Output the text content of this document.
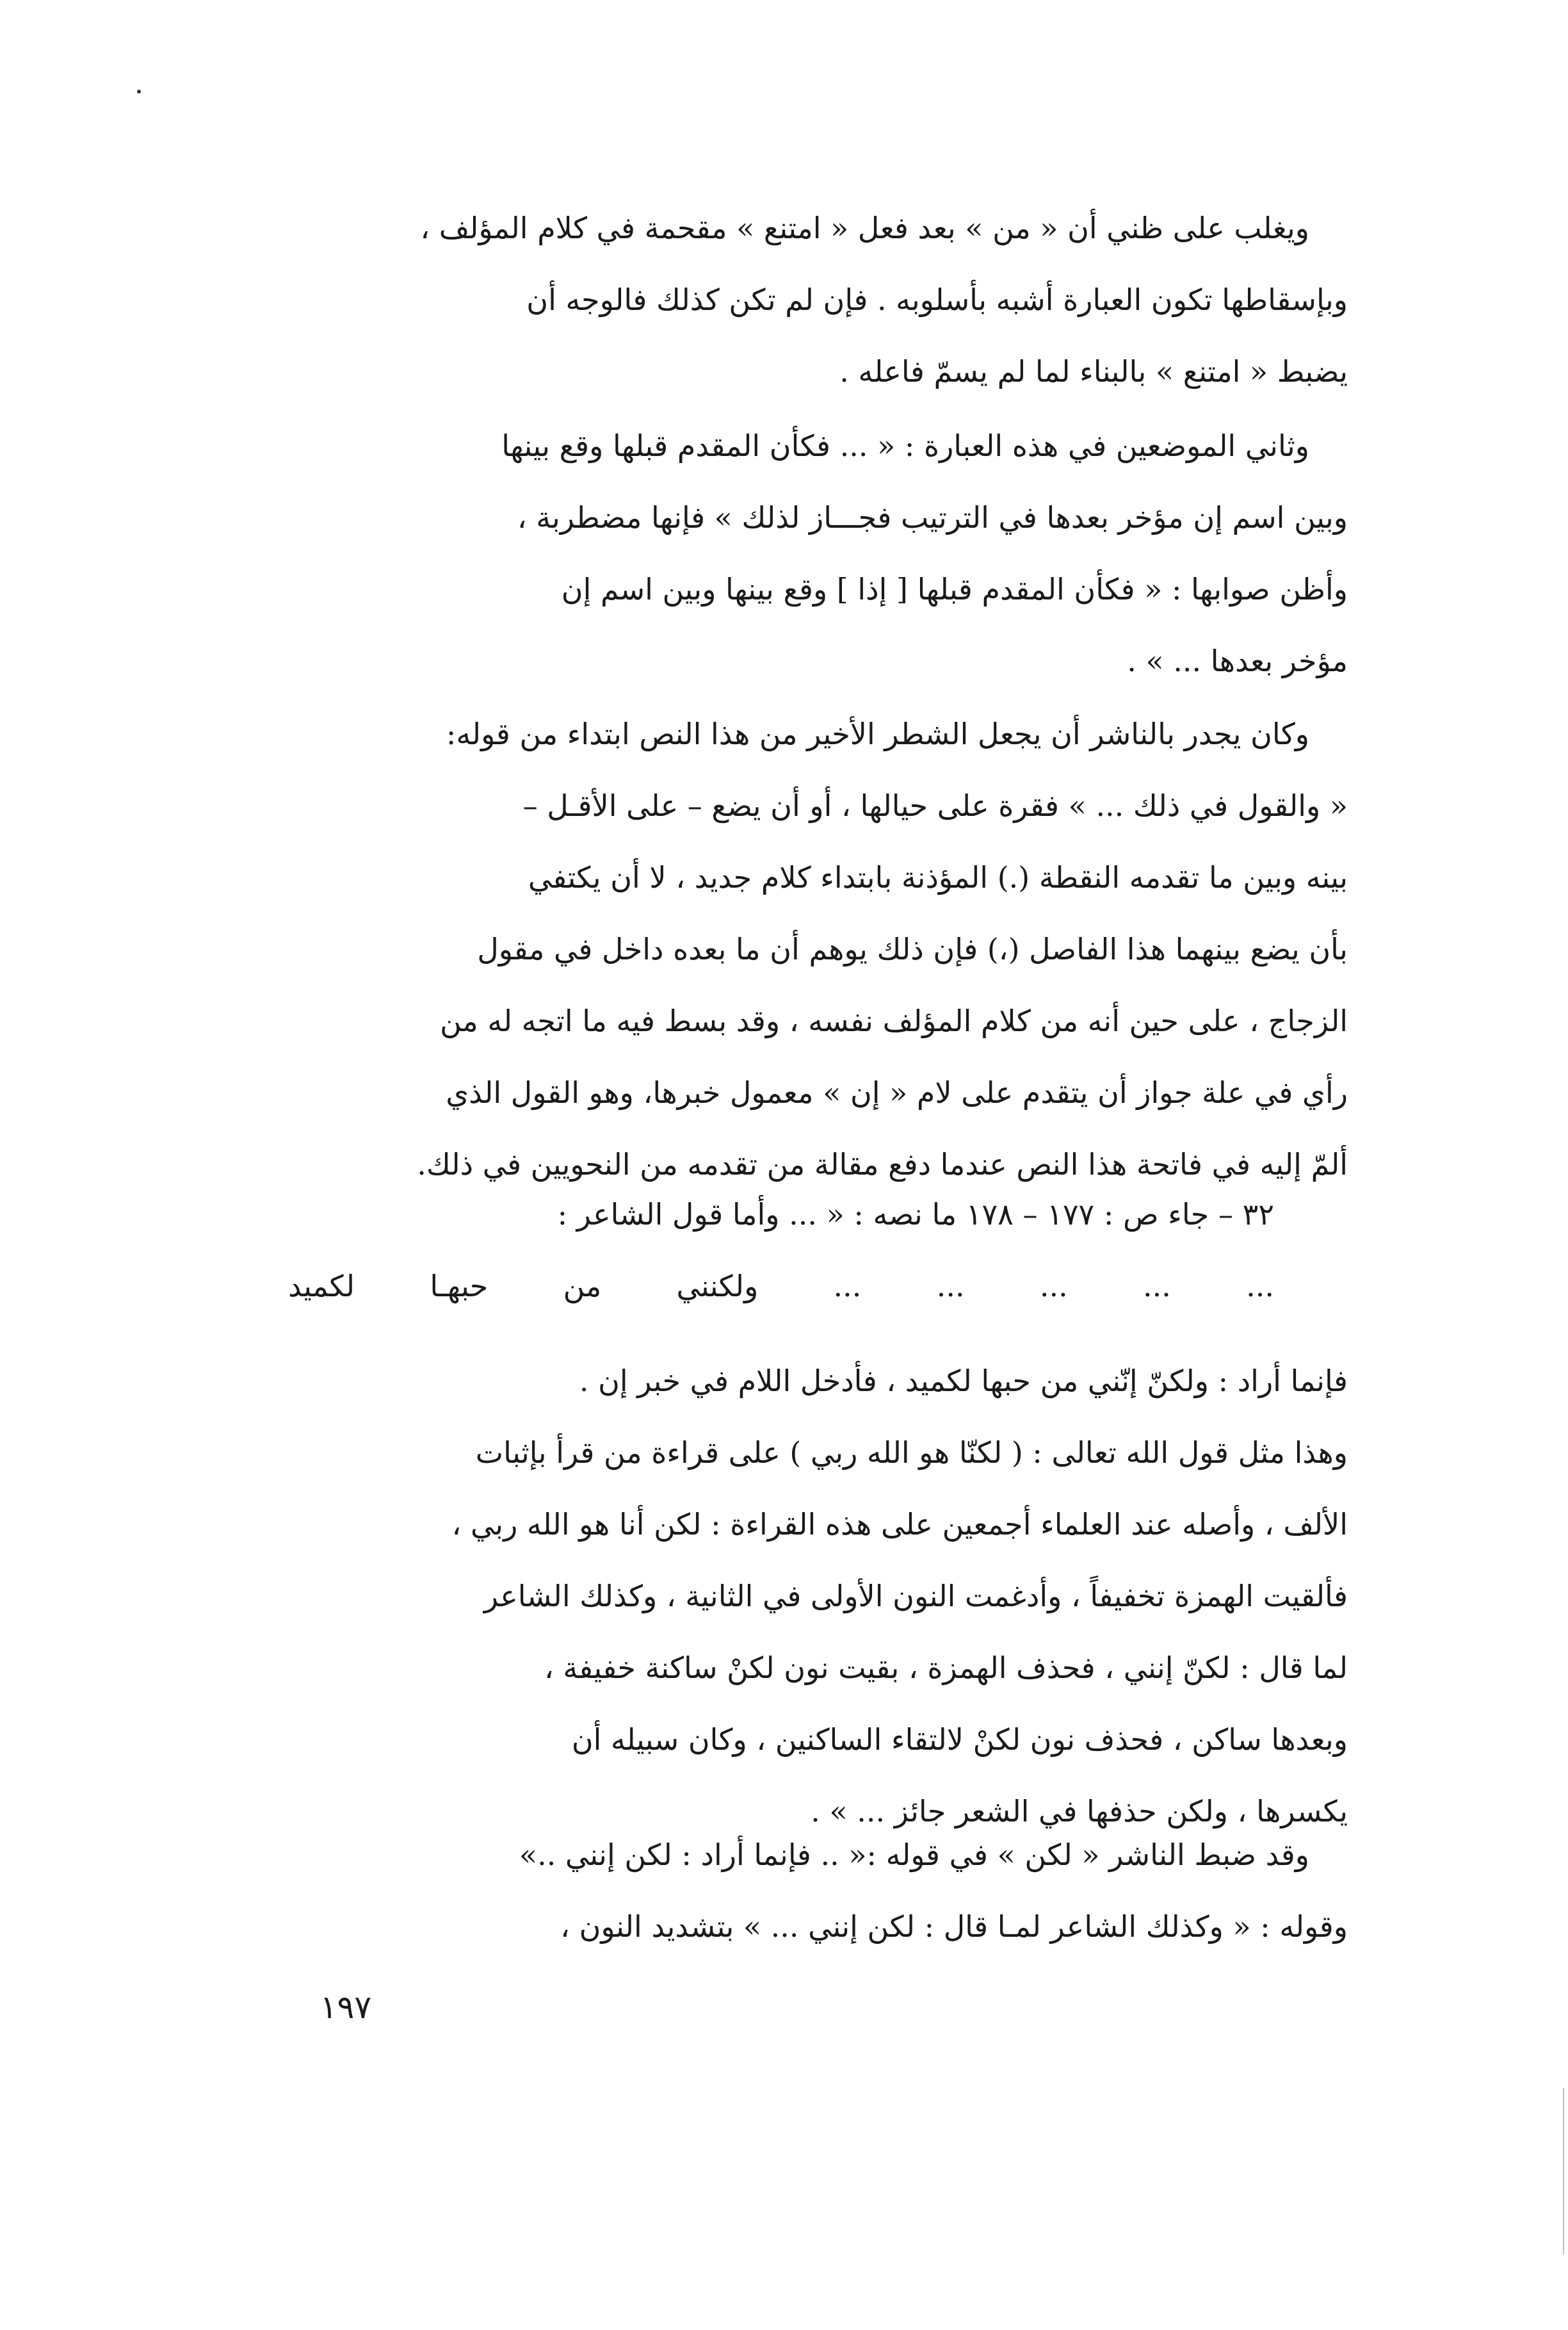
ويغلب على ظني أن « من » بعد فعل « امتنع » مقحمة في كلام المؤلف ،
وبإسقاطها تكون العبارة أشبه بأسلوبه . فإن لم تكن كذلك فالوجه أن
يضبط « امتنع » بالبناء لما لم يسمّ فاعله .
وثاني الموضعين في هذه العبارة : « ... فكأن المقدم قبلها وقع بينها
وبين اسم إن مؤخر بعدها في الترتيب فجـــاز لذلك » فإنها مضطربة ،
وأظن صوابها : « فكأن المقدم قبلها [ إذا ] وقع بينها وبين اسم إن
مؤخر بعدها ... » .
وكان يجدر بالناشر أن يجعل الشطر الأخير من هذا النص ابتداء من قوله:
« والقول في ذلك ... » فقرة على حيالها ، أو أن يضع – على الأقـل –
بينه وبين ما تقدمه النقطة (.) المؤذنة بابتداء كلام جديد ، لا أن يكتفي
بأن يضع بينهما هذا الفاصل (،) فإن ذلك يوهم أن ما بعده داخل في مقول
الزجاج ، على حين أنه من كلام المؤلف نفسه ، وقد بسط فيه ما اتجه له من
رأي في علة جواز أن يتقدم على لام « إن » معمول خبرها، وهو القول الذي
ألمّ إليه في فاتحة هذا النص عندما دفع مقالة من تقدمه من النحويين في ذلك.
٣٢ – جاء ص : ١٧٧ – ١٧٨ ما نصه : « ... وأما قول الشاعر :
... ... ... ... ... ولكنني من حبهـا لكميد
فإنما أراد : ولكنّ إنّني من حبها لكميد ، فأدخل اللام في خبر إن .
وهذا مثل قول الله تعالى : ( لكنّا هو الله ربي ) على قراءة من قرأ بإثبات
الألف ، وأصله عند العلماء أجمعين على هذه القراءة : لكن أنا هو الله ربي ،
فألقيت الهمزة تخفيفاً ، وأدغمت النون الأولى في الثانية ، وكذلك الشاعر
لما قال : لكنّ إنني ، فحذف الهمزة ، بقيت نون لكنْ ساكنة خفيفة ،
وبعدها ساكن ، فحذف نون لكنْ لالتقاء الساكنين ، وكان سبيله أن
يكسرها ، ولكن حذفها في الشعر جائز ... » .
وقد ضبط الناشر « لكن » في قوله :« .. فإنما أراد : لكن إنني ..»
وقوله : « وكذلك الشاعر لمـا قال : لكن إنني ... » بتشديد النون ،
١٩٧
